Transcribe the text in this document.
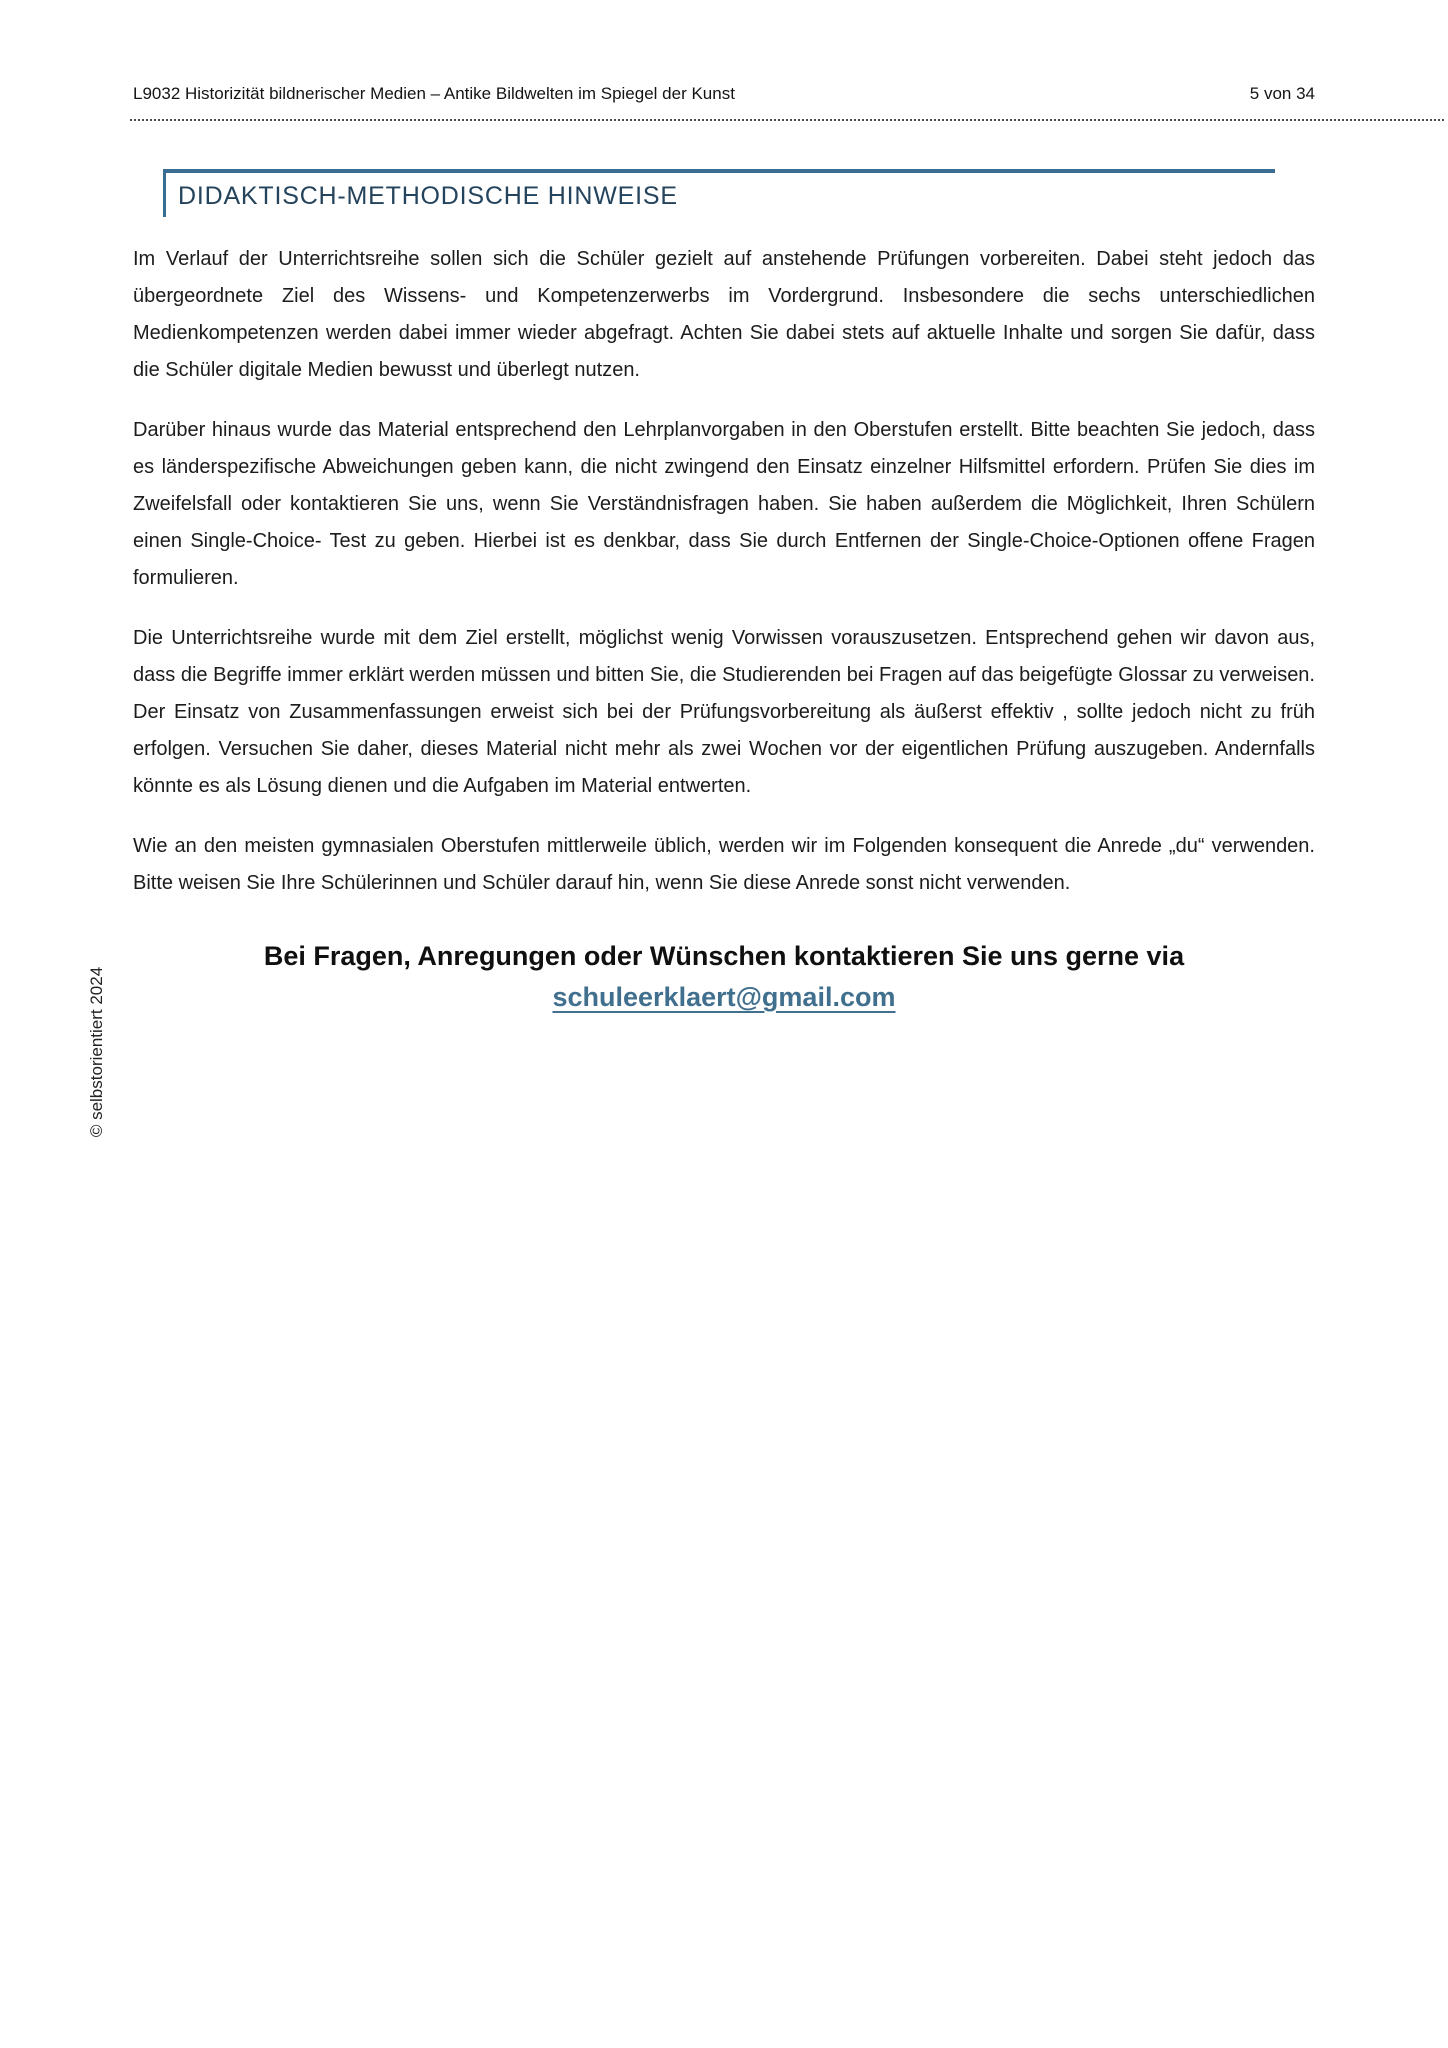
L9032 Historizität bildnerischer Medien – Antike Bildwelten im Spiegel der Kunst	5 von 34
DIDAKTISCH-METHODISCHE HINWEISE

Im Verlauf der Unterrichtsreihe sollen sich die Schüler gezielt auf anstehende Prüfungen vorbereiten. Dabei steht jedoch das übergeordnete Ziel des Wissens- und Kompetenzerwerbs im Vordergrund. Insbesondere die sechs unterschiedlichen Medienkompetenzen werden dabei immer wieder abgefragt. Achten Sie dabei stets auf aktuelle Inhalte und sorgen Sie dafür, dass die Schüler digitale Medien bewusst und überlegt nutzen.

Darüber hinaus wurde das Material entsprechend den Lehrplanvorgaben in den Oberstufen erstellt. Bitte beachten Sie jedoch, dass es länderspezifische Abweichungen geben kann, die nicht zwingend den Einsatz einzelner Hilfsmittel erfordern. Prüfen Sie dies im Zweifelsfall oder kontaktieren Sie uns, wenn Sie Verständnisfragen haben. Sie haben außerdem die Möglichkeit, Ihren Schülern einen Single-Choice- Test zu geben. Hierbei ist es denkbar, dass Sie durch Entfernen der Single-Choice-Optionen offene Fragen formulieren.

Die Unterrichtsreihe wurde mit dem Ziel erstellt, möglichst wenig Vorwissen vorauszusetzen. Entsprechend gehen wir davon aus, dass die Begriffe immer erklärt werden müssen und bitten Sie, die Studierenden bei Fragen auf das beigefügte Glossar zu verweisen. Der Einsatz von Zusammenfassungen erweist sich bei der Prüfungsvorbereitung als äußerst effektiv , sollte jedoch nicht zu früh erfolgen. Versuchen Sie daher, dieses Material nicht mehr als zwei Wochen vor der eigentlichen Prüfung auszugeben. Andernfalls könnte es als Lösung dienen und die Aufgaben im Material entwerten.

Wie an den meisten gymnasialen Oberstufen mittlerweile üblich, werden wir im Folgenden konsequent die Anrede „du“ verwenden. Bitte weisen Sie Ihre Schülerinnen und Schüler darauf hin, wenn Sie diese Anrede sonst nicht verwenden.

Bei Fragen, Anregungen oder Wünschen kontaktieren Sie uns gerne via

schuleerklaert@gmail.com

© selbstorientiert 2024
